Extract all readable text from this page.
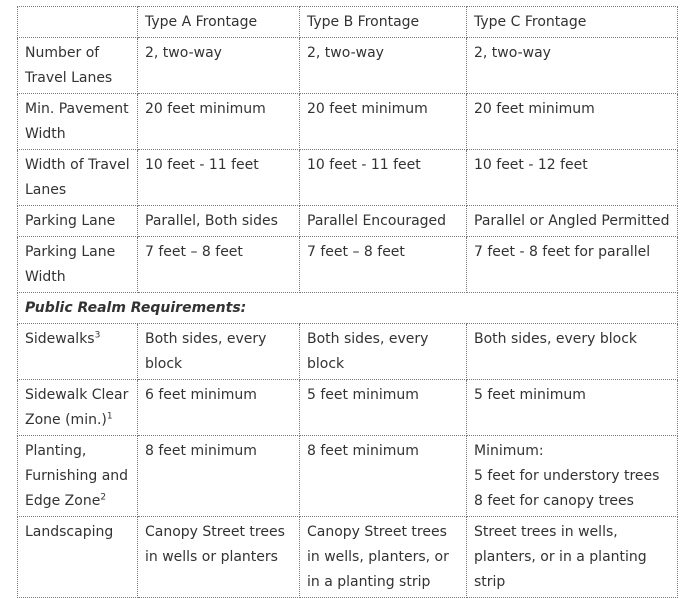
	Type A Frontage	Type B Frontage	Type C Frontage
Number of Travel Lanes	2, two-way	2, two-way	2, two-way
Min. Pavement Width	20 feet minimum	20 feet minimum	20 feet minimum
Width of Travel Lanes	10 feet - 11 feet	10 feet - 11 feet	10 feet - 12 feet
Parking Lane	Parallel, Both sides	Parallel Encouraged	Parallel or Angled Permitted
Parking Lane Width	7 feet – 8 feet	7 feet – 8 feet	7 feet - 8 feet for parallel
Public Realm Requirements:			
Sidewalks$^3$	Both sides, every block	Both sides, every block	Both sides, every block
Sidewalk Clear Zone $(\min.)^1$	6 feet minimum	5 feet minimum	5 feet minimum
Planting, Furnishing and Edge Zone$^2$	8 feet minimum	8 feet minimum	Minimum:
5 feet for understory trees
8 feet for canopy trees
Landscaping	Canopy Street trees in wells or planters	Canopy Street trees in wells, planters, or in a planting strip	Street trees in wells, planters, or in a planting strip
